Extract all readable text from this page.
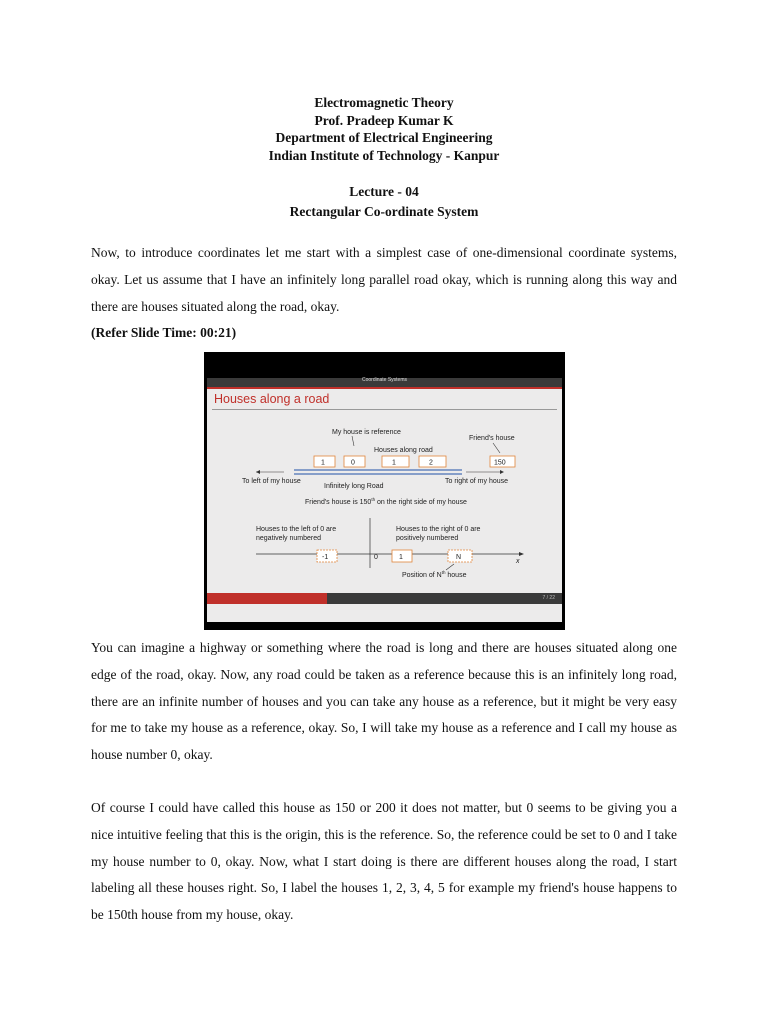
Electromagnetic Theory
Prof. Pradeep Kumar K
Department of Electrical Engineering
Indian Institute of Technology - Kanpur
Lecture - 04
Rectangular Co-ordinate System
Now, to introduce coordinates let me start with a simplest case of one-dimensional coordinate systems, okay. Let us assume that I have an infinitely long parallel road okay, which is running along this way and there are houses situated along the road, okay.
(Refer Slide Time: 00:21)
Coordinate Systems
Houses along a road
My house is reference
Houses along road
Friend's house
1	0	1	2	150
To left of my house
Infinitely long Road
To right of my house
Friend's house is 150th on the right side of my house
Houses to the left of 0 are
negatively numbered
Houses to the right of 0 are
positively numbered
x
-1	0	1	N
Position of $N^{th}$ house
7 / 22
You can imagine a highway or something where the road is long and there are houses situated along one edge of the road, okay. Now, any road could be taken as a reference because this is an infinitely long road, there are an infinite number of houses and you can take any house as a reference, but it might be very easy for me to take my house as a reference, okay. So, I will take my house as a reference and I call my house as house number 0, okay.
Of course I could have called this house as 150 or 200 it does not matter, but 0 seems to be giving you a nice intuitive feeling that this is the origin, this is the reference. So, the reference could be set to 0 and I take my house number to 0, okay. Now, what I start doing is there are different houses along the road, I start labeling all these houses right. So, I label the houses 1, 2, 3, 4, 5 for example my friend's house happens to be 150th house from my house, okay.
